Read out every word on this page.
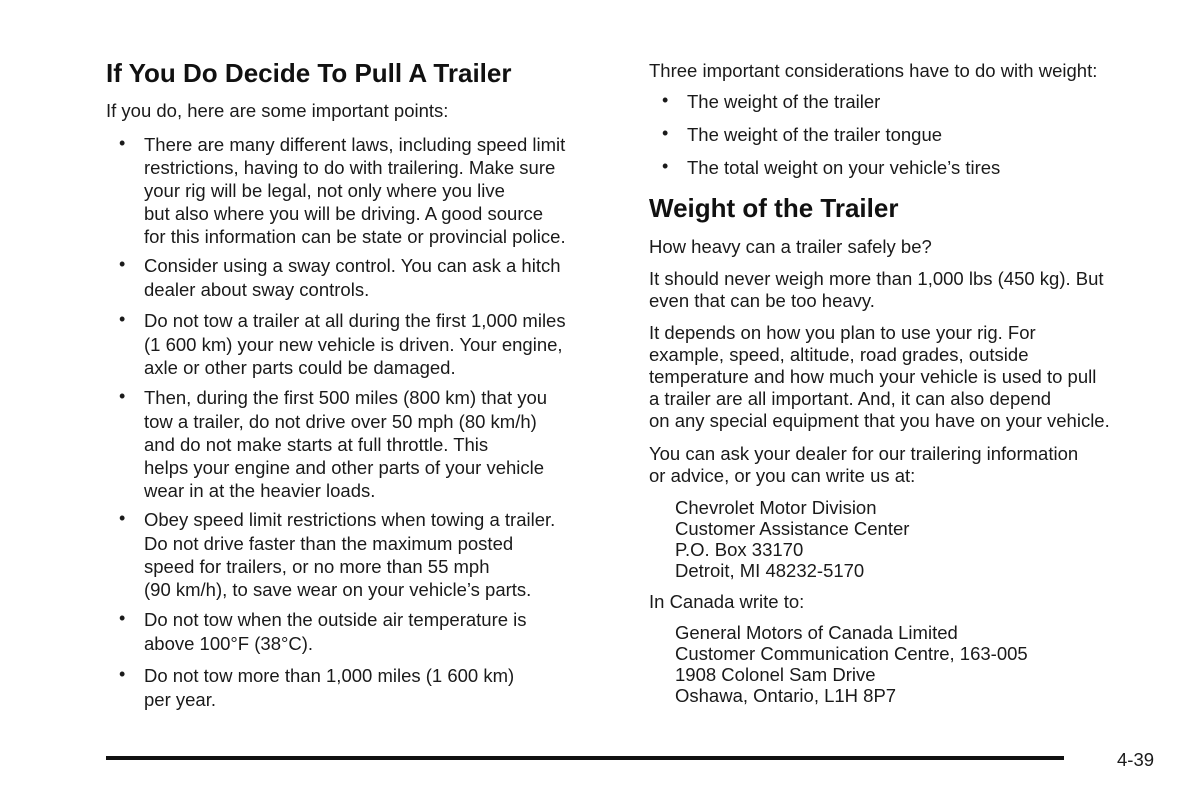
If You Do Decide To Pull A Trailer

If you do, here are some important points:

• There are many different laws, including speed limit
restrictions, having to do with trailering. Make sure
your rig will be legal, not only where you live
but also where you will be driving. A good source
for this information can be state or provincial police.
• Consider using a sway control. You can ask a hitch
dealer about sway controls.
• Do not tow a trailer at all during the first 1,000 miles
(1 600 km) your new vehicle is driven. Your engine,
axle or other parts could be damaged.
• Then, during the first 500 miles (800 km) that you
tow a trailer, do not drive over 50 mph (80 km/h)
and do not make starts at full throttle. This
helps your engine and other parts of your vehicle
wear in at the heavier loads.
• Obey speed limit restrictions when towing a trailer.
Do not drive faster than the maximum posted
speed for trailers, or no more than 55 mph
(90 km/h), to save wear on your vehicle’s parts.
• Do not tow when the outside air temperature is
above 100°F (38°C).
• Do not tow more than 1,000 miles (1 600 km)
per year.

Three important considerations have to do with weight:

• The weight of the trailer
• The weight of the trailer tongue
• The total weight on your vehicle’s tires
Weight of the Trailer

How heavy can a trailer safely be?

It should never weigh more than 1,000 lbs (450 kg). But
even that can be too heavy.

It depends on how you plan to use your rig. For
example, speed, altitude, road grades, outside
temperature and how much your vehicle is used to pull
a trailer are all important. And, it can also depend
on any special equipment that you have on your vehicle.

You can ask your dealer for our trailering information
or advice, or you can write us at:

Chevrolet Motor Division
Customer Assistance Center
P.O. Box 33170
Detroit, MI 48232-5170

In Canada write to:

General Motors of Canada Limited
Customer Communication Centre, 163-005
1908 Colonel Sam Drive
Oshawa, Ontario, L1H 8P7
4-39
